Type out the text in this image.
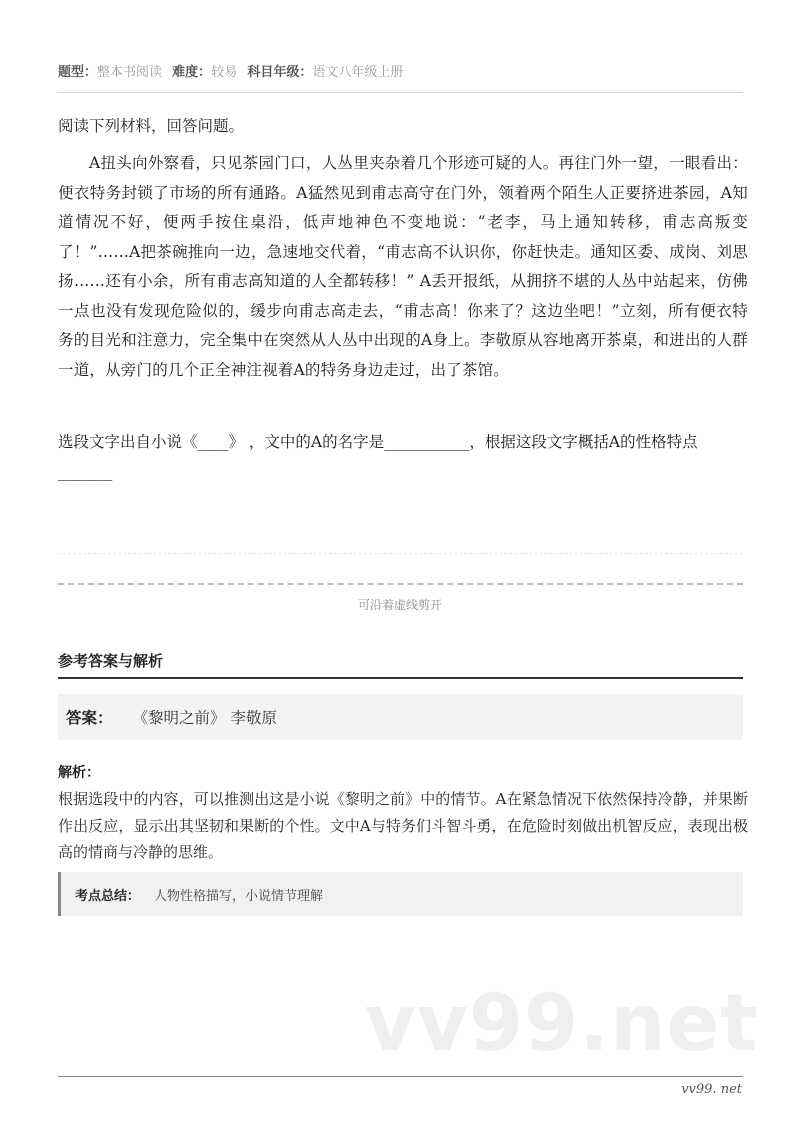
题型：整本书阅读 难度：较易 科目年级：语文八年级上册

阅读下列材料，回答问题。

A扭头向外察看，只见茶园门口，人丛里夹杂着几个形迹可疑的人。再往门外一望，一眼看出：便衣特务封锁了市场的所有通路。A猛然见到甫志高守在门外，领着两个陌生人正要挤进茶园，A知道情况不好，便两手按住桌沿，低声地神色不变地说：“老李，马上通知转移，甫志高叛变了！”……A把茶碗推向一边，急速地交代着，“甫志高不认识你，你赶快走。通知区委、成岗、刘思扬……还有小余，所有甫志高知道的人全都转移！” A丢开报纸，从拥挤不堪的人丛中站起来，仿佛一点也没有发现危险似的，缓步向甫志高走去，“甫志高！你来了？这边坐吧！”立刻，所有便衣特务的目光和注意力，完全集中在突然从人丛中出现的A身上。李敬原从容地离开茶桌，和进出的人群一道，从旁门的几个正全神注视着A的特务身边走过，出了茶馆。

选段文字出自小说《____》 ，文中的A的名字是___________，根据这段文字概括A的性格特点_______

可沿着虚线剪开
参考答案与解析
答案： 《黎明之前》 李敬原
解析：

根据选段中的内容，可以推测出这是小说《黎明之前》中的情节。A在紧急情况下依然保持冷静，并果断作出反应，显示出其坚韧和果断的个性。文中A与特务们斗智斗勇，在危险时刻做出机智反应，表现出极高的情商与冷静的思维。

考点总结： 人物性格描写，小说情节理解
vv99.net
vv99. net
